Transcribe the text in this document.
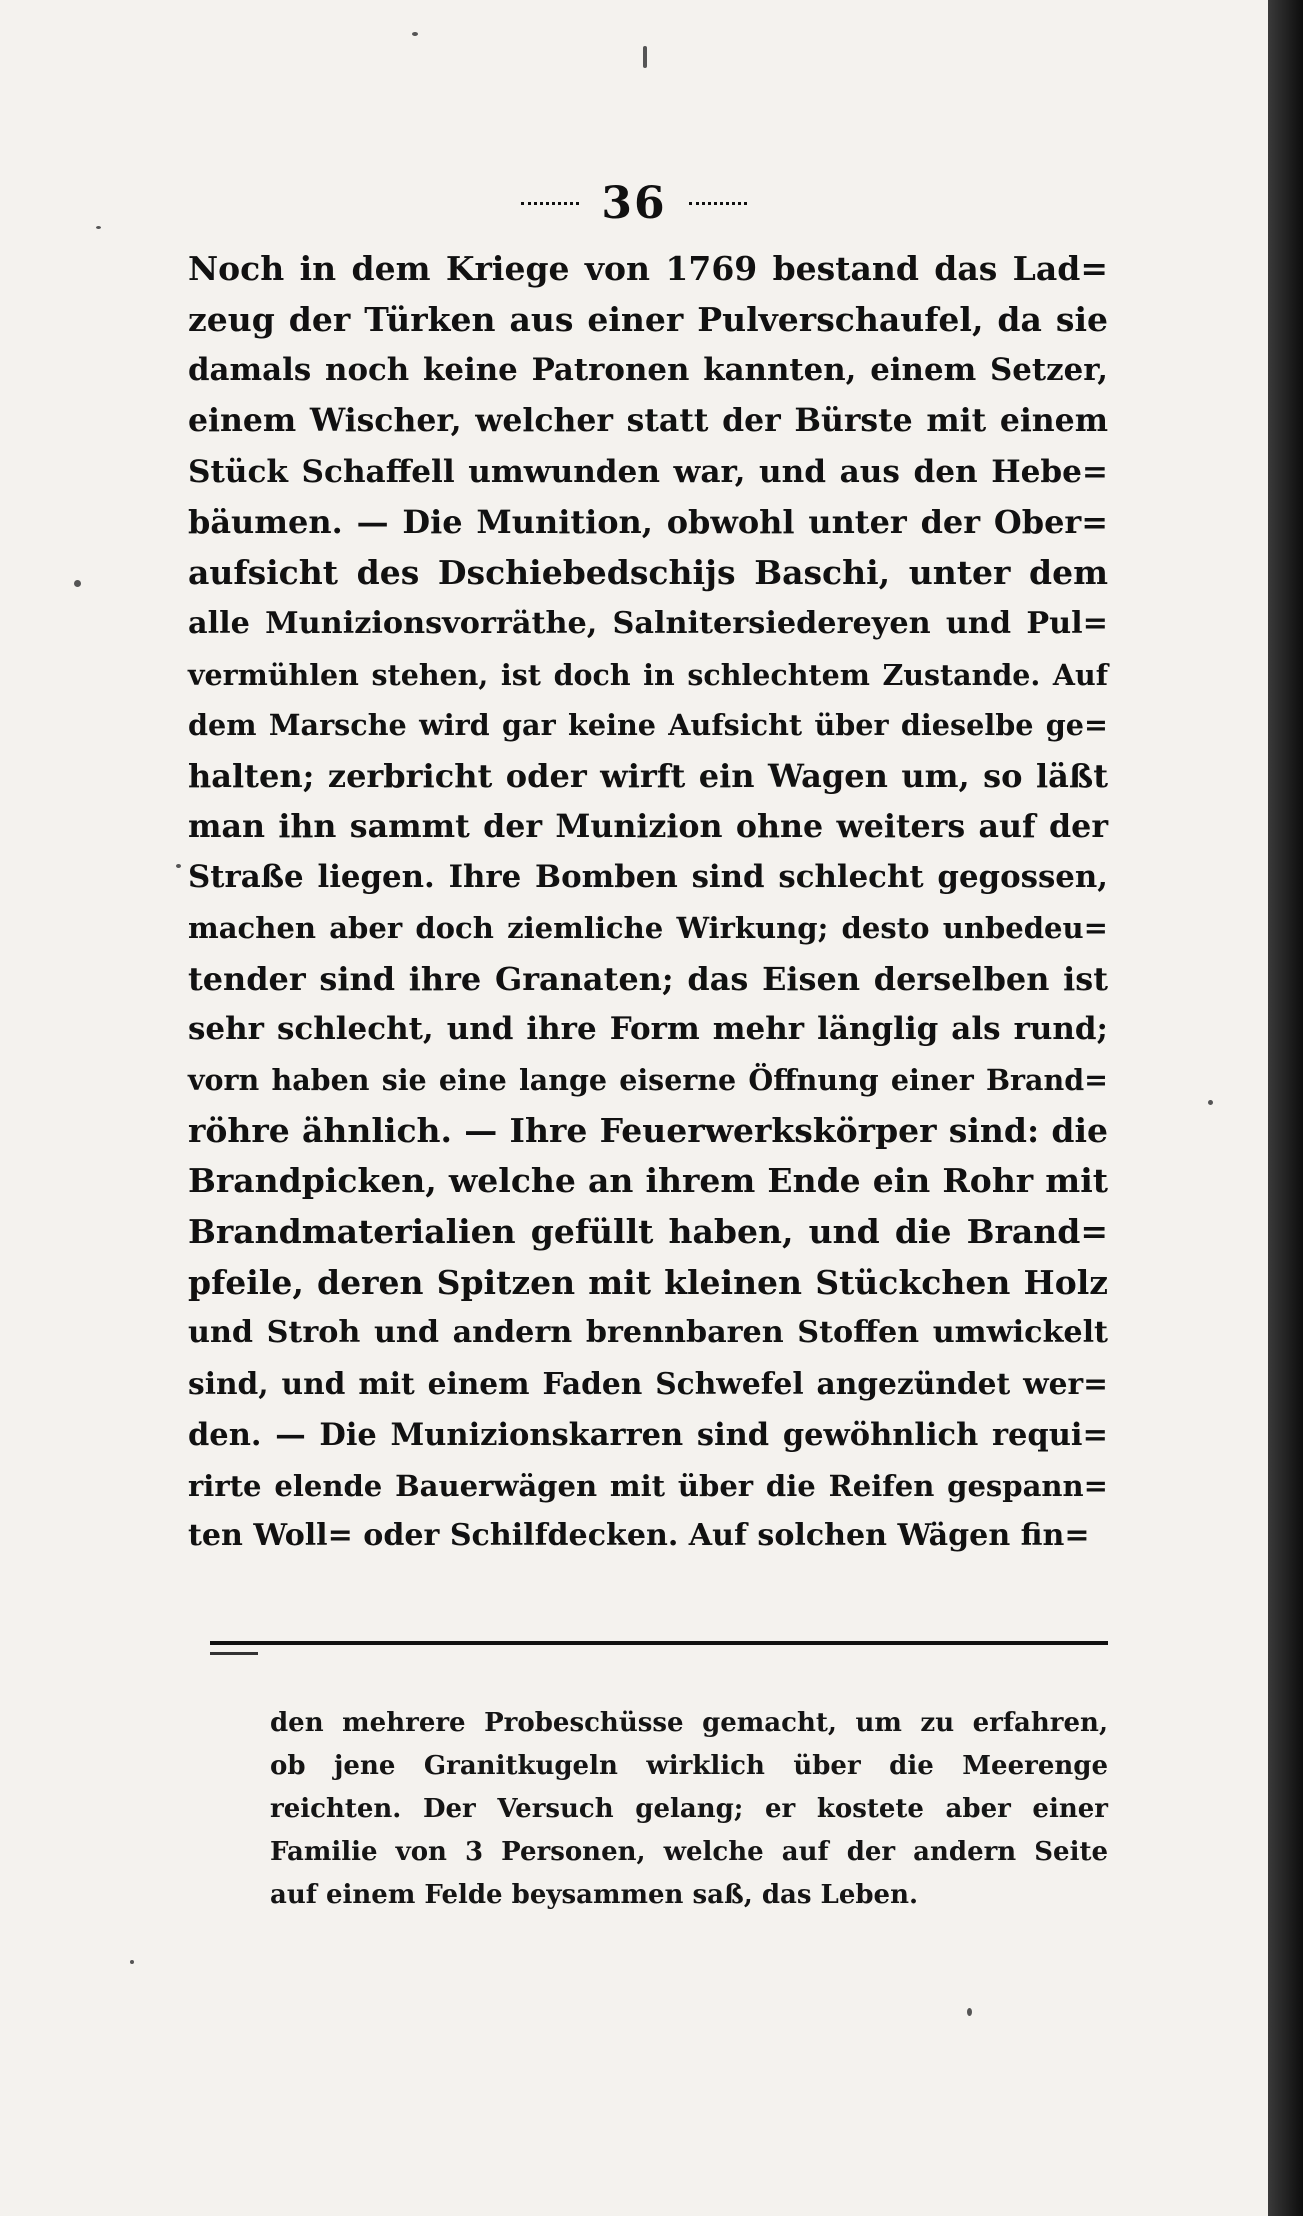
36
Noch in dem Kriege von 1769 bestand das Lad=
zeug der Türken aus einer Pulverschaufel, da sie
damals noch keine Patronen kannten, einem Setzer,
einem Wischer, welcher statt der Bürste mit einem
Stück Schaffell umwunden war, und aus den Hebe=
bäumen. — Die Munition, obwohl unter der Ober=
aufsicht des Dschiebedschijs Baschi, unter dem
alle Munizionsvorräthe, Salnitersiedereyen und Pul=
vermühlen stehen, ist doch in schlechtem Zustande. Auf
dem Marsche wird gar keine Aufsicht über dieselbe ge=
halten; zerbricht oder wirft ein Wagen um, so läßt
man ihn sammt der Munizion ohne weiters auf der
Straße liegen. Ihre Bomben sind schlecht gegossen,
machen aber doch ziemliche Wirkung; desto unbedeu=
tender sind ihre Granaten; das Eisen derselben ist
sehr schlecht, und ihre Form mehr länglig als rund;
vorn haben sie eine lange eiserne Öffnung einer Brand=
röhre ähnlich. — Ihre Feuerwerkskörper sind: die
Brandpicken, welche an ihrem Ende ein Rohr mit
Brandmaterialien gefüllt haben, und die Brand=
pfeile, deren Spitzen mit kleinen Stückchen Holz
und Stroh und andern brennbaren Stoffen umwickelt
sind, und mit einem Faden Schwefel angezündet wer=
den. — Die Munizionskarren sind gewöhnlich requi=
rirte elende Bauerwägen mit über die Reifen gespann=
ten Woll= oder Schilfdecken. Auf solchen Wägen fin=
den mehrere Probeschüsse gemacht, um zu erfahren,
ob jene Granitkugeln wirklich über die Meerenge
reichten. Der Versuch gelang; er kostete aber einer
Familie von 3 Personen, welche auf der andern Seite
auf einem Felde beysammen saß, das Leben.
